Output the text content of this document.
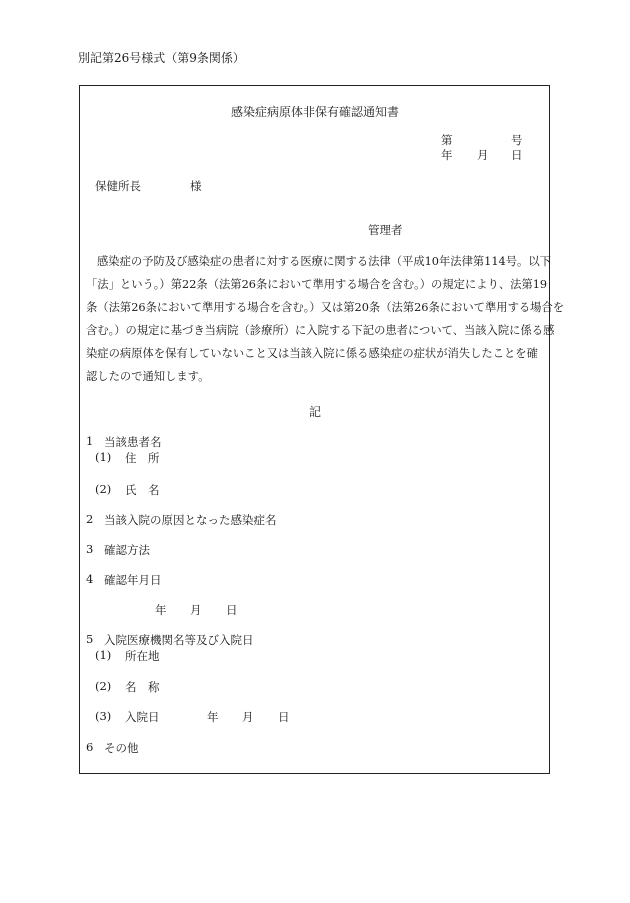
別記第26号様式（第9条関係）
感染症病原体非保有確認通知書
第	号
年 月 日
保健所長	様
管理者

感染症の予防及び感染症の患者に対する医療に関する法律（平成10年法律第114号。以下
「法」という。）第22条（法第26条において準用する場合を含む。）の規定により、法第19
条（法第26条において準用する場合を含む。）又は第20条（法第26条において準用する場合を
含む。）の規定に基づき当病院（診療所）に入院する下記の患者について、当該入院に係る感
染症の病原体を保有していないこと又は当該入院に係る感染症の症状が消失したことを確
認したので通知します。

記
1 当該患者名
(1) 住　所
(2) 氏　名
2 当該入院の原因となった感染症名
3 確認方法
4 確認年月日
年 月 日
5 入院医療機関名等及び入院日
(1) 所在地
(2) 名　称
(3) 入院日	年 月 日
6 その他
